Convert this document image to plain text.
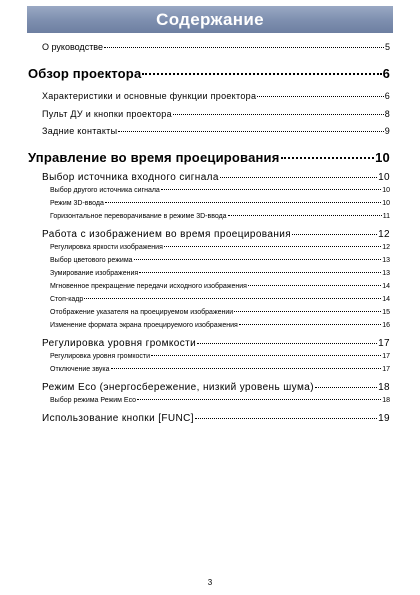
Содержание
О руководстве	5
Обзор проектора	6
Характеристики и основные функции проектора	6
Пульт ДУ и кнопки проектора	8
Задние контакты	9
Управление во время проецирования	10
Выбор источника входного сигнала	10
Выбор другого источника сигнала	10
Режим 3D-ввода	10
Горизонтальное переворачивание в режиме 3D-ввода	11
Работа с изображением во время проецирования	12
Регулировка яркости изображения	12
Выбор цветового режима	13
Зумирование изображения	13
Мгновенное прекращение передачи исходного изображения	14
Стоп-кадр	14
Отображение указателя на проецируемом изображении	15
Изменение формата экрана проецируемого изображения	16
Регулировка уровня громкости	17
Регулировка уровня громкости	17
Отключение звука	17
Режим Eco (энергосбережение, низкий уровень шума)	18
Выбор режима Режим Eco	18
Использование кнопки [FUNC]	19
3
